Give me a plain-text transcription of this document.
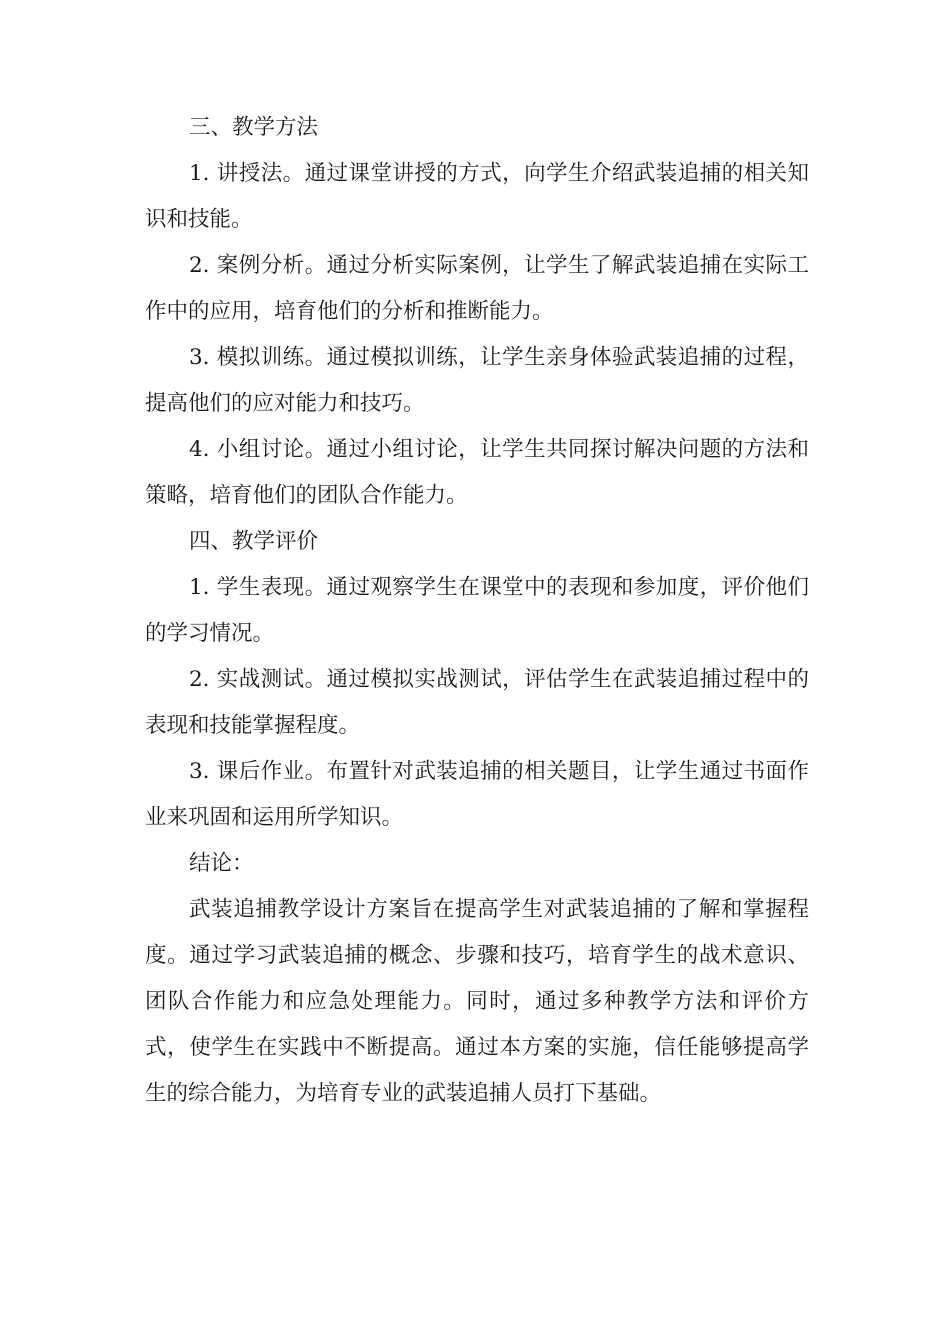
三、教学方法

1. 讲授法。通过课堂讲授的方式，向学生介绍武装追捕的相关知识和技能。

2. 案例分析。通过分析实际案例，让学生了解武装追捕在实际工作中的应用，培育他们的分析和推断能力。

3. 模拟训练。通过模拟训练，让学生亲身体验武装追捕的过程，提高他们的应对能力和技巧。

4. 小组讨论。通过小组讨论，让学生共同探讨解决问题的方法和策略，培育他们的团队合作能力。

四、教学评价

1. 学生表现。通过观察学生在课堂中的表现和参加度，评价他们的学习情况。

2. 实战测试。通过模拟实战测试，评估学生在武装追捕过程中的表现和技能掌握程度。

3. 课后作业。布置针对武装追捕的相关题目，让学生通过书面作业来巩固和运用所学知识。

结论：

武装追捕教学设计方案旨在提高学生对武装追捕的了解和掌握程度。通过学习武装追捕的概念、步骤和技巧，培育学生的战术意识、团队合作能力和应急处理能力。同时，通过多种教学方法和评价方式，使学生在实践中不断提高。通过本方案的实施，信任能够提高学生的综合能力，为培育专业的武装追捕人员打下基础。
